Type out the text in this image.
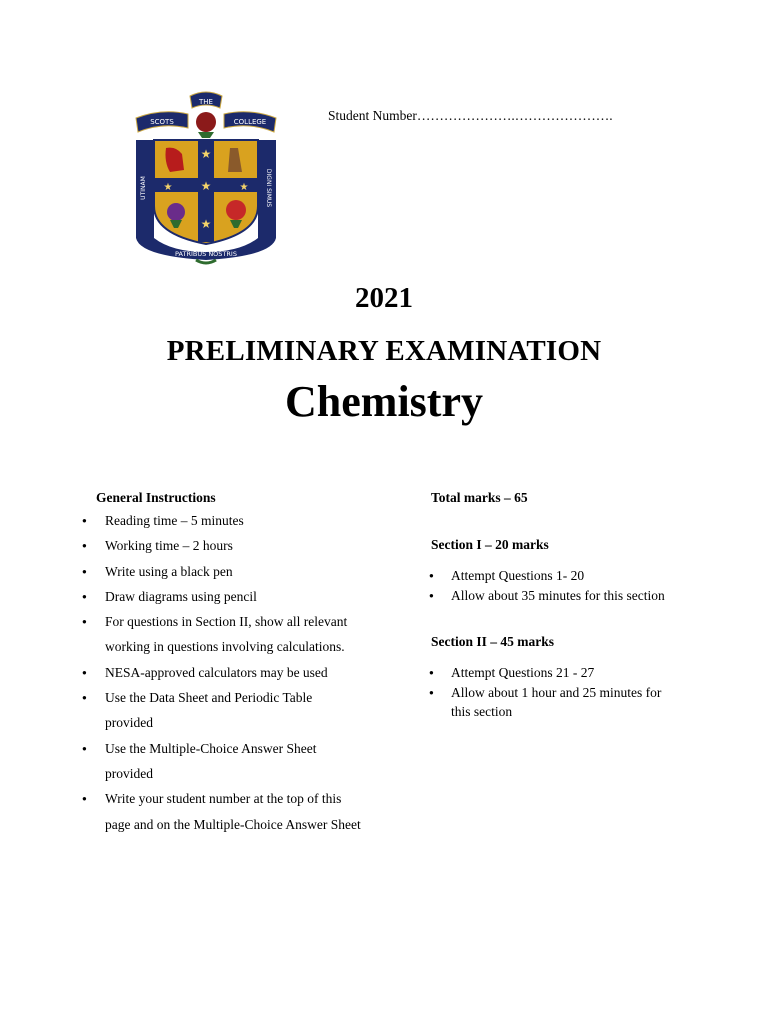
THE
SCOTS	COLLEGE
★
★
★
★	★
PATRIBUS NOSTRIS
UTINAM	DIGNI SIMUS
Student Number………………….………………….
2021
PRELIMINARY EXAMINATION
Chemistry
General Instructions
● Reading time – 5 minutes
● Working time – 2 hours
● Write using a black pen
● Draw diagrams using pencil
● For questions in Section II, show all relevant
working in questions involving calculations.
● NESA-approved calculators may be used
● Use the Data Sheet and Periodic Table
provided
● Use the Multiple-Choice Answer Sheet
provided
● Write your student number at the top of this
page and on the Multiple-Choice Answer Sheet
Total marks – 65
Section I – 20 marks
● Attempt Questions 1- 20
● Allow about 35 minutes for this section
Section II – 45 marks
● Attempt Questions 21 - 27
● Allow about 1 hour and 25 minutes for
this section
